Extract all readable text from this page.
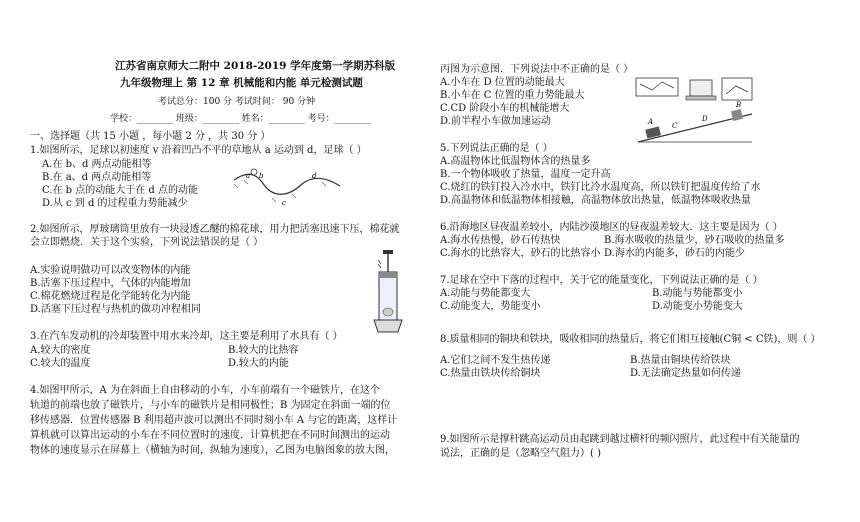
江苏省南京师大二附中 2018-2019 学年度第一学期苏科版
九年级物理上 第 12 章 机械能和内能 单元检测试题
考试总分：100 分 考试时间： 90 分钟
学校：________ 班级：________ 姓名：________ 考号：________
一、选择题（共 15 小题 ，每小题 2 分 ，共 30 分 ）
1.如图所示，足球以初速度 v 沿着凹凸不平的草地从 a 运动到 d，足球（ ）
A.在 b、d 两点动能相等
B.在 a、d 两点动能相等
C.在 b 点的动能大于在 d 点的动能
D.从 c 到 d 的过程重力势能减少
a b
c
d
2.如图所示，厚玻璃筒里放有一块浸透乙醚的棉花球，用力把活塞迅速下压，棉花就
会立即燃烧．关于这个实验，下列说法错误的是（ ）
A.实验说明做功可以改变物体的内能
B.活塞下压过程中，气体的内能增加
C.棉花燃烧过程是化学能转化为内能
D.活塞下压过程与热机的做功冲程相同
3.在汽车发动机的冷却装置中用水来冷却，这主要是利用了水具有（ ）
A.较大的密度	B.较大的比热容
C.较大的温度	D.较大的内能
4.如图甲所示，A 为在斜面上自由移动的小车，小车前端有一个磁铁片，在这个
轨道的前端也放了磁铁片，与小车的磁铁片是相同极性；B 为固定在斜面一端的位
移传感器．位置传感器 B 利用超声波可以测出不同时刻小车 A 与它的距离，这样计
算机就可以算出运动的小车在不同位置时的速度．计算机把在不同时间测出的运动
物体的速度显示在屏幕上（横轴为时间，纵轴为速度），乙图为电脑图象的放大图，
丙图为示意图．下列说法中不正确的是（ ）
A.小车在 D 位置的动能最大
B.小车在 C 位置的重力势能最大
C.CD 阶段小车的机械能增大
D.前半程小车做加速运动	A
B
C
D
5.下列说法正确的是（ ）
A.高温物体比低温物体含的热量多
B.一个物体吸收了热量，温度一定升高
C.烧红的铁钉投入冷水中，铁钉比冷水温度高，所以铁钉把温度传给了水
D.高温物体和低温物体相接触，高温物体放出热量，低温物体吸收热量
6.沿海地区昼夜温差较小，内陆沙漠地区的昼夜温差较大．这主要是因为（ ）
A.海水传热慢，砂石传热快	B.海水吸收的热量少，砂石吸收的热量多
C.海水的比热容大，砂石的比热容小 D.海水的内能多，砂石的内能少
7.足球在空中下落的过程中，关于它的能量变化，下列说法正确的是（ ）
A.动能与势能都变大	B.动能与势能都变小
C.动能变大，势能变小	D.动能变小势能变大
8.质量相同的铜块和铁块，吸收相同的热量后，将它们相互接触(C铜 < C铁)，则（ ）
A.它们之间不发生热传递	B.热量由铜块传给铁块
C.热量由铁块传给铜块	D.无法确定热量如何传递
9.如图所示是撑杆跳高运动员由起跳到越过横杆的频闪照片，此过程中有关能量的
说法，正确的是（忽略空气阻力）( )
